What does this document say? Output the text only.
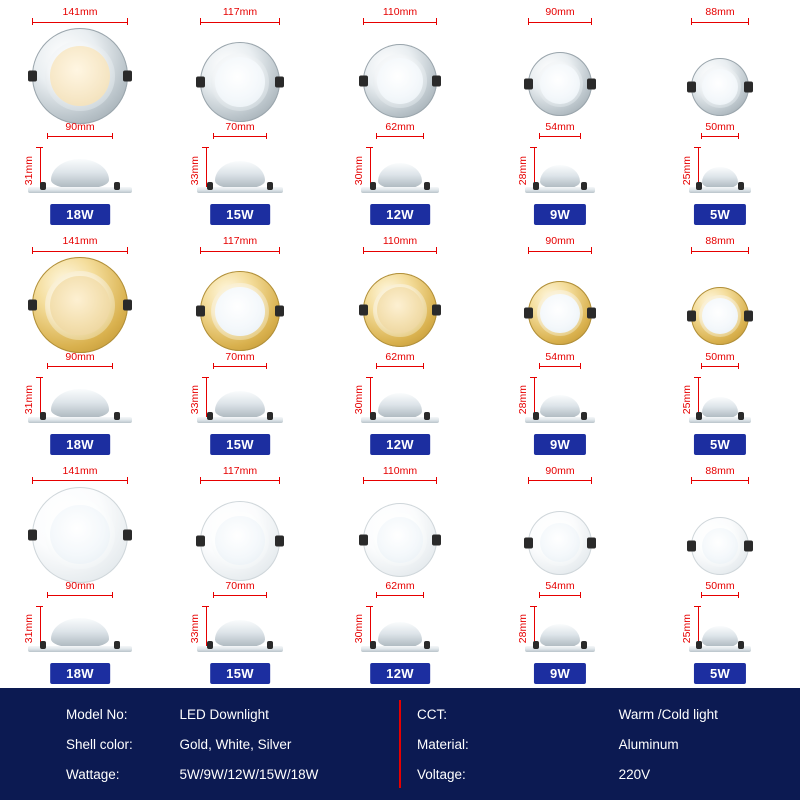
141mm
90mm
31mm
18W
117mm
70mm
33mm
15W
110mm
62mm
30mm
12W
90mm
54mm
28mm
9W
88mm
50mm
25mm
5W
141mm
90mm
31mm
18W
117mm
70mm
33mm
15W
110mm
62mm
30mm
12W
90mm
54mm
28mm
9W
88mm
50mm
25mm
5W
141mm
90mm
31mm
18W
117mm
70mm
33mm
15W
110mm
62mm
30mm
12W
90mm
54mm
28mm
9W
88mm
50mm
25mm
5W
Model No:	LED Downlight
Shell color:	Gold, White, Silver
Wattage:	5W/9W/12W/15W/18W
CCT:	Warm /Cold light
Material:	Aluminum
Voltage:	220V
